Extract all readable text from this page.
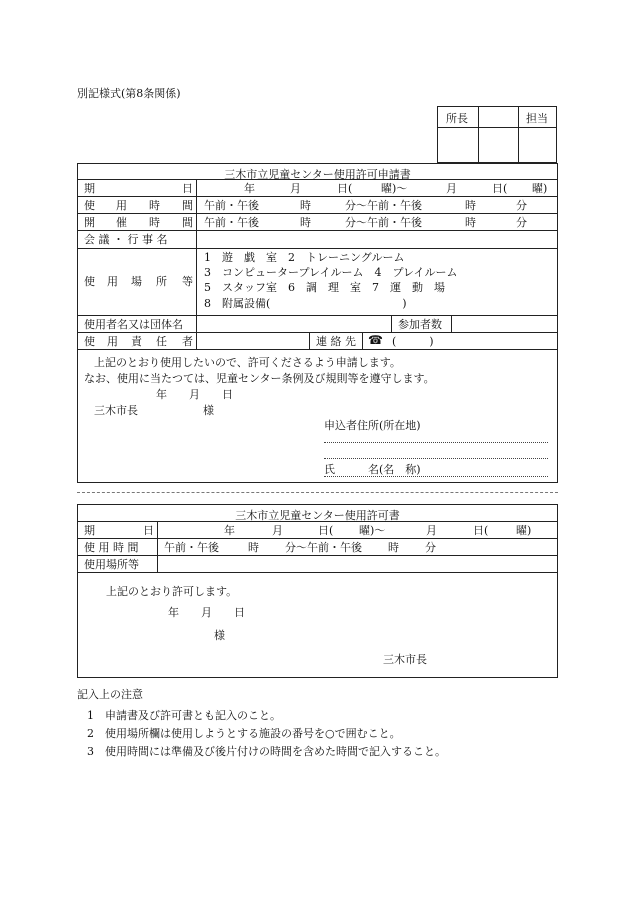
別記様式(第8条関係)
所長	担当
三木市立児童センター使用許可申請書
期	日	年	月	日(	曜)～	月	日( 曜)
使 用 時 間 午前・午後	時	分～午前・午後	時	分
開 催 時 間 午前・午後	時	分～午前・午後	時	分
会 議 ・ 行 事 名
使 用 場 所 等
1　遊　戯　室　2　トレーニングルーム
3　コンピュータープレイルーム　4　プレイルーム
5　スタッフ室　6　調　理　室　7　運　動　場
8　附属設備(　　　　　　　　　　　　)
使用者名又は団体名	参加者数
使 用 責 任 者	連 絡 先 ☎ (　　　)
上記のとおり使用したいので、許可くださるよう申請します。
なお、使用に当たつては、児童センター条例及び規則等を遵守します。
年　　月　　日
三木市長	様
申込者住所(所在地)
氏　　　名(名　称)
三木市立児童センター使用許可書
期	日	年	月	日( 曜)～	月	日(	曜)
使 用 時 間 午前・午後	時 分～午前・午後 時 分
使用場所等
上記のとおり許可します。
年　　月　　日
様
三木市長
記入上の注意
1　申請書及び許可書とも記入のこと。
2　使用場所欄は使用しようとする施設の番号を○で囲むこと。
3　使用時間には準備及び後片付けの時間を含めた時間で記入すること。
